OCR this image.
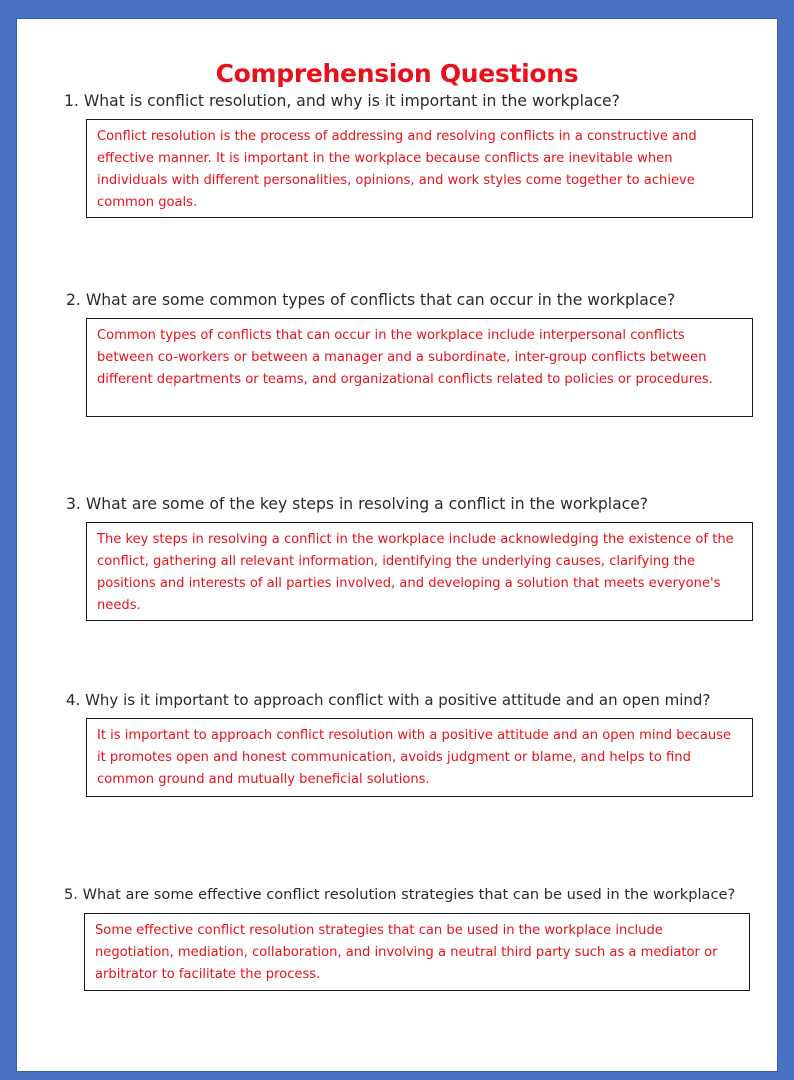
Comprehension Questions

1. What is conflict resolution, and why is it important in the workplace?

Conflict resolution is the process of addressing and resolving conflicts in a constructive and effective manner. It is important in the workplace because conflicts are inevitable when individuals with different personalities, opinions, and work styles come together to achieve common goals.

2. What are some common types of conflicts that can occur in the workplace?

Common types of conflicts that can occur in the workplace include interpersonal conflicts between co-workers or between a manager and a subordinate, inter-group conflicts between different departments or teams, and organizational conflicts related to policies or procedures.

3. What are some of the key steps in resolving a conflict in the workplace?

The key steps in resolving a conflict in the workplace include acknowledging the existence of the conflict, gathering all relevant information, identifying the underlying causes, clarifying the positions and interests of all parties involved, and developing a solution that meets everyone's needs.

4. Why is it important to approach conflict with a positive attitude and an open mind?

It is important to approach conflict resolution with a positive attitude and an open mind because it promotes open and honest communication, avoids judgment or blame, and helps to find common ground and mutually beneficial solutions.

5. What are some effective conflict resolution strategies that can be used in the workplace?

Some effective conflict resolution strategies that can be used in the workplace include negotiation, mediation, collaboration, and involving a neutral third party such as a mediator or arbitrator to facilitate the process.
